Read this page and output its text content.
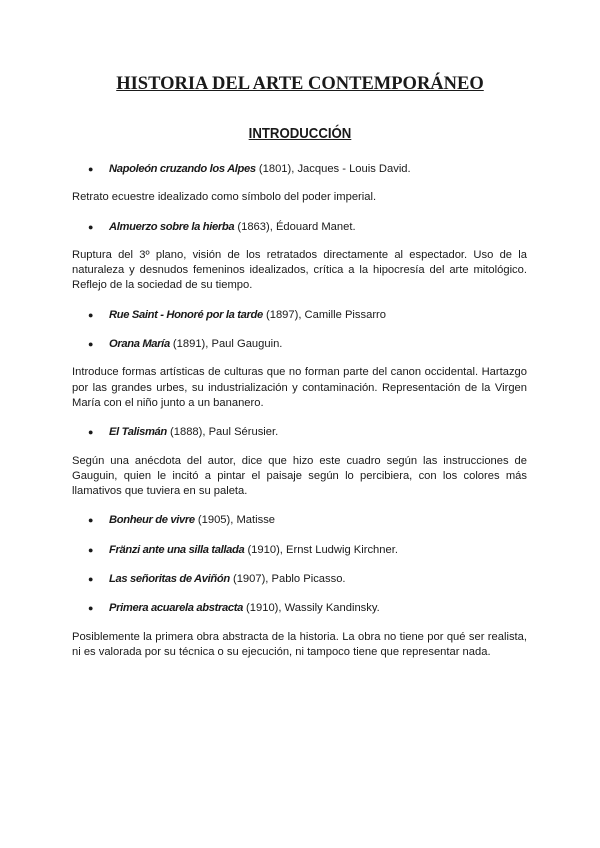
HISTORIA DEL ARTE CONTEMPORÁNEO
INTRODUCCIÓN

● Napoleón cruzando los Alpes (1801), Jacques - Louis David.

Retrato ecuestre idealizado como símbolo del poder imperial.

● Almuerzo sobre la hierba (1863), Édouard Manet.

Ruptura del 3º plano, visión de los retratados directamente al espectador. Uso de la naturaleza y desnudos femeninos idealizados, crítica a la hipocresía del arte mitológico. Reflejo de la sociedad de su tiempo.

● Rue Saint - Honoré por la tarde (1897), Camille Pissarro

● Orana María (1891), Paul Gauguin.

Introduce formas artísticas de culturas que no forman parte del canon occidental. Hartazgo por las grandes urbes, su industrialización y contaminación. Representación de la Virgen María con el niño junto a un bananero.

● El Talismán (1888), Paul Sérusier.

Según una anécdota del autor, dice que hizo este cuadro según las instrucciones de Gauguin, quien le incitó a pintar el paisaje según lo percibiera, con los colores más llamativos que tuviera en su paleta.

● Bonheur de vivre (1905), Matisse

● Fränzi ante una silla tallada (1910), Ernst Ludwig Kirchner.

● Las señoritas de Aviñón (1907), Pablo Picasso.

● Primera acuarela abstracta (1910), Wassily Kandinsky.

Posiblemente la primera obra abstracta de la historia. La obra no tiene por qué ser realista, ni es valorada por su técnica o su ejecución, ni tampoco tiene que representar nada.
